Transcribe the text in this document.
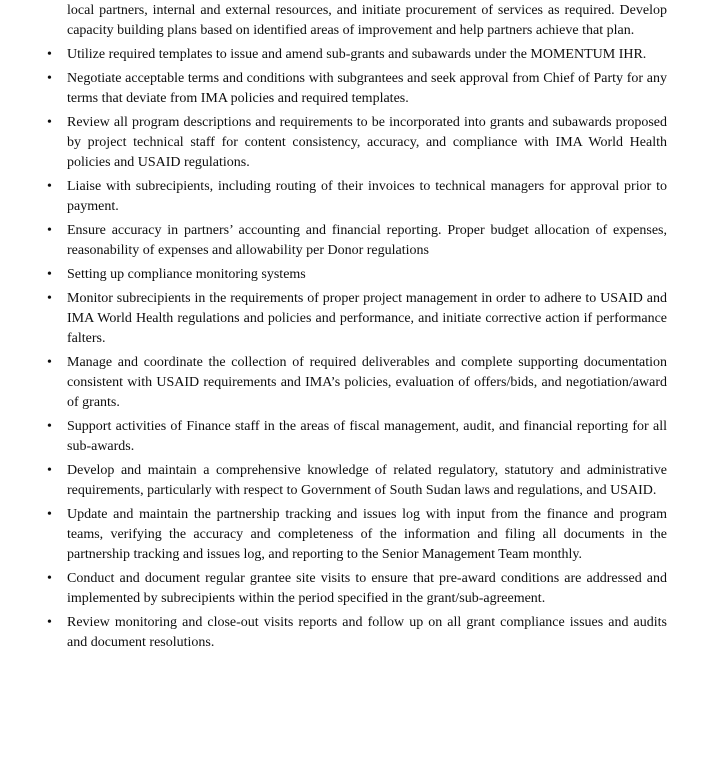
local partners, internal and external resources, and initiate procurement of services as required. Develop capacity building plans based on identified areas of improvement and help partners achieve that plan.

• Utilize required templates to issue and amend sub-grants and subawards under the MOMENTUM IHR.
• Negotiate acceptable terms and conditions with subgrantees and seek approval from Chief of Party for any terms that deviate from IMA policies and required templates.
• Review all program descriptions and requirements to be incorporated into grants and subawards proposed by project technical staff for content consistency, accuracy, and compliance with IMA World Health policies and USAID regulations.
• Liaise with subrecipients, including routing of their invoices to technical managers for approval prior to payment.
• Ensure accuracy in partners’ accounting and financial reporting. Proper budget allocation of expenses, reasonability of expenses and allowability per Donor regulations
• Setting up compliance monitoring systems
• Monitor subrecipients in the requirements of proper project management in order to adhere to USAID and IMA World Health regulations and policies and performance, and initiate corrective action if performance falters.
• Manage and coordinate the collection of required deliverables and complete supporting documentation consistent with USAID requirements and IMA’s policies, evaluation of offers/bids, and negotiation/award of grants.
• Support activities of Finance staff in the areas of fiscal management, audit, and financial reporting for all sub-awards.
• Develop and maintain a comprehensive knowledge of related regulatory, statutory and administrative requirements, particularly with respect to Government of South Sudan laws and regulations, and USAID.
• Update and maintain the partnership tracking and issues log with input from the finance and program teams, verifying the accuracy and completeness of the information and filing all documents in the partnership tracking and issues log, and reporting to the Senior Management Team monthly.
• Conduct and document regular grantee site visits to ensure that pre-award conditions are addressed and implemented by subrecipients within the period specified in the grant/sub-agreement.
• Review monitoring and close-out visits reports and follow up on all grant compliance issues and audits and document resolutions.
